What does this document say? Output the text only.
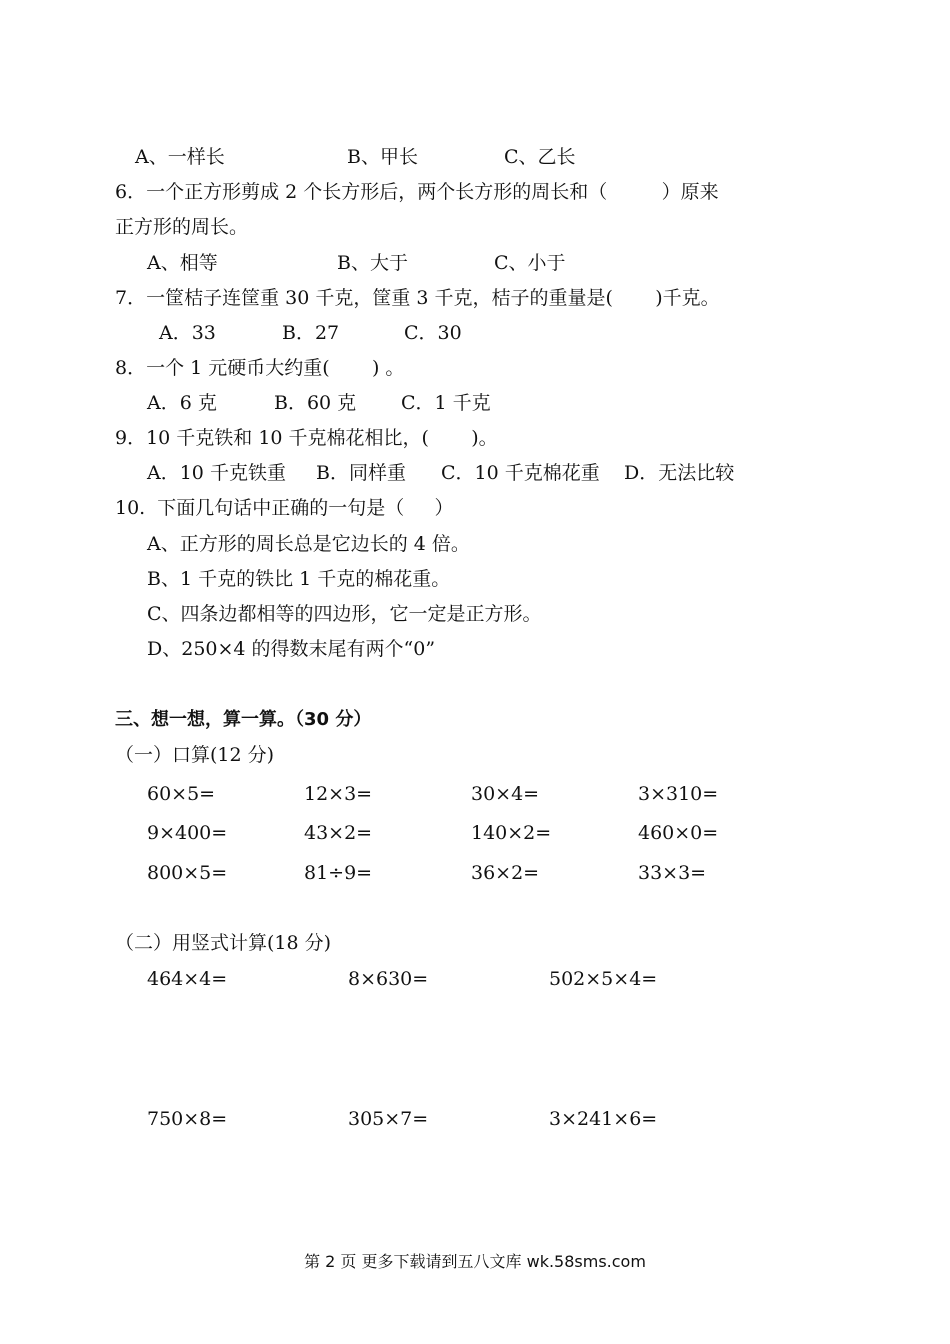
A、一样长	B、甲长	C、乙长
6．一个正方形剪成 2 个长方形后，两个长方形的周长和（         ）原来
正方形的周长。
A、相等	B、大于	C、小于
7．一筐桔子连筐重 30 千克，筐重 3 千克，桔子的重量是(       )千克。
A．33	B．27	C．30
8．一个 1 元硬币大约重(       ) 。
A．6 克	B．60 克 C．1 千克
9．10 千克铁和 10 千克棉花相比，(       )。
A．10 千克铁重 B．同样重 C．10 千克棉花重 D．无法比较
10.  下面几句话中正确的一句是（     ）
A、正方形的周长总是它边长的 4 倍。
B、1 千克的铁比 1 千克的棉花重。
C、四条边都相等的四边形，它一定是正方形。
D、250×4 的得数末尾有两个“0”
三、想一想，算一算。（30 分）
（一）口算(12 分)
60×5=	12×3=	30×4=	3×310=
9×400=	43×2=	140×2=	460×0=
800×5=	81÷9=	36×2=	33×3=
（二）用竖式计算(18 分)
464×4=	8×630=	502×5×4=
750×8=	305×7=	3×241×6=
第 2 页 更多下载请到五八文库 wk.58sms.com
